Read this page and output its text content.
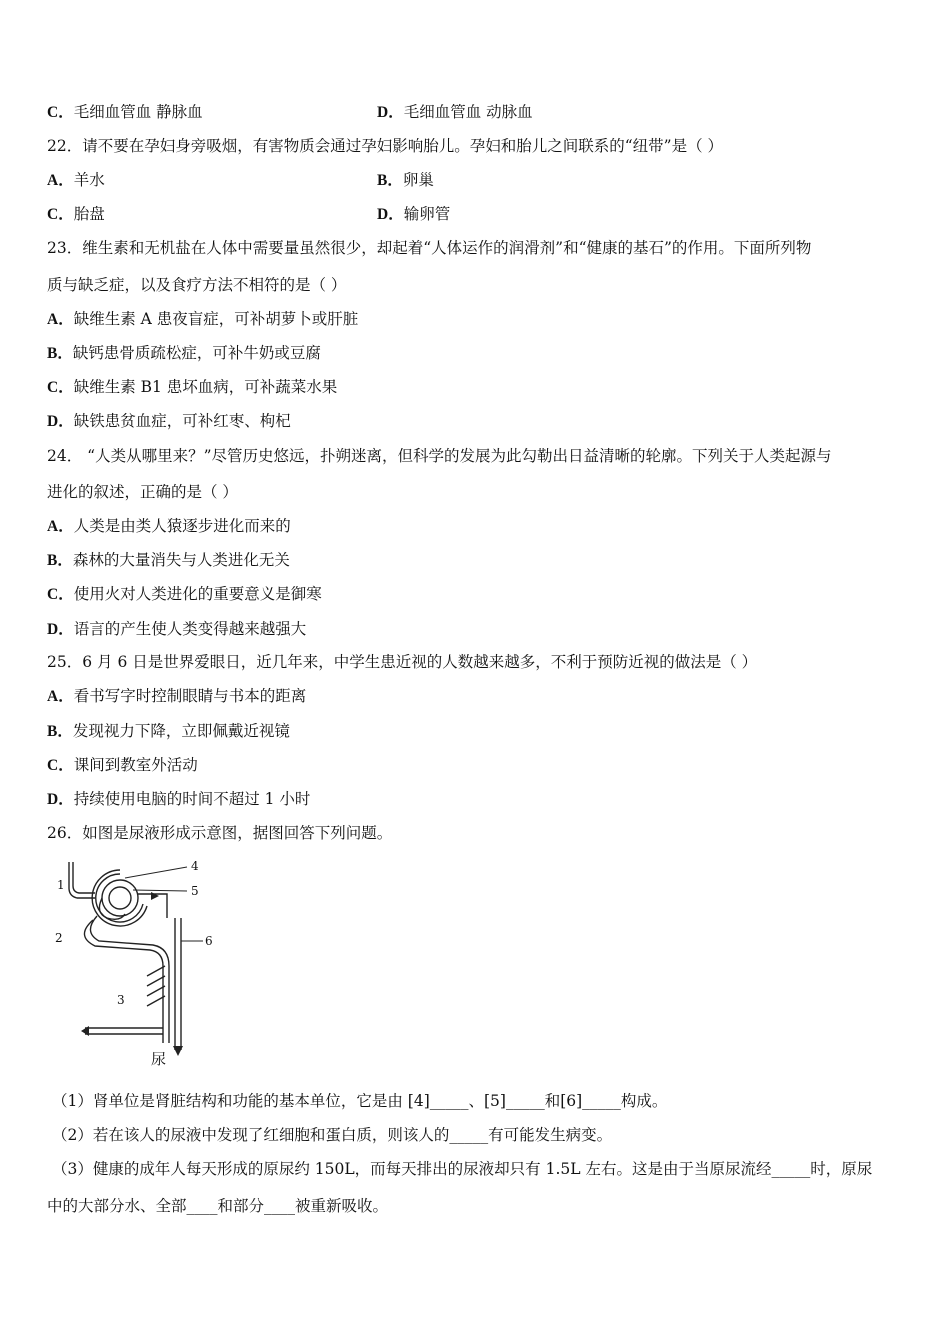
C．毛细血管血 静脉血	D．毛细血管血 动脉血
22．请不要在孕妇身旁吸烟，有害物质会通过孕妇影响胎儿。孕妇和胎儿之间联系的“纽带”是（ ）
A．羊水	B．卵巢
C．胎盘	D．输卵管
23．维生素和无机盐在人体中需要量虽然很少，却起着“人体运作的润滑剂”和“健康的基石”的作用。下面所列物
质与缺乏症，以及食疗方法不相符的是（ ）
A．缺维生素 A 患夜盲症，可补胡萝卜或肝脏
B．缺钙患骨质疏松症，可补牛奶或豆腐
C．缺维生素 B1 患坏血病，可补蔬菜水果
D．缺铁患贫血症，可补红枣、枸杞
24． “人类从哪里来？”尽管历史悠远，扑朔迷离，但科学的发展为此勾勒出日益清晰的轮廓。下列关于人类起源与
进化的叙述，正确的是（ ）
A．人类是由类人猿逐步进化而来的
B．森林的大量消失与人类进化无关
C．使用火对人类进化的重要意义是御寒
D．语言的产生使人类变得越来越强大
25．6 月 6 日是世界爱眼日，近几年来，中学生患近视的人数越来越多，不利于预防近视的做法是（ ）
A．看书写字时控制眼睛与书本的距离
B．发现视力下降，立即佩戴近视镜
C．课间到教室外活动
D．持续使用电脑的时间不超过 1 小时
26．如图是尿液形成示意图，据图回答下列问题。
1
2
3
4
5
6
尿
（1）肾单位是肾脏结构和功能的基本单位，它是由 [4]_____、[5]_____和[6]_____构成。
（2）若在该人的尿液中发现了红细胞和蛋白质，则该人的_____有可能发生病变。
（3）健康的成年人每天形成的原尿约 150L，而每天排出的尿液却只有 1.5L 左右。这是由于当原尿流经_____时，原尿
中的大部分水、全部____和部分____被重新吸收。
